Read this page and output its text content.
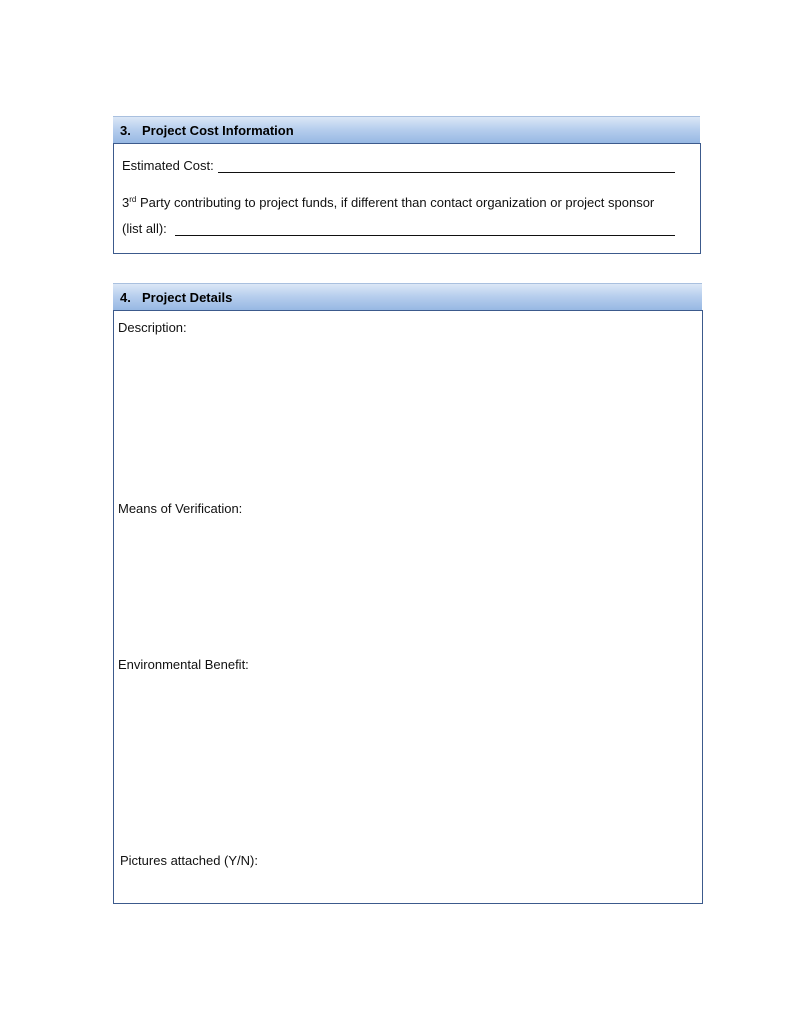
3. Project Cost Information
Estimated Cost:
3rd Party contributing to project funds, if different than contact organization or project sponsor
(list all):
4. Project Details
Description:
Means of Verification:
Environmental Benefit:
Pictures attached (Y/N):
